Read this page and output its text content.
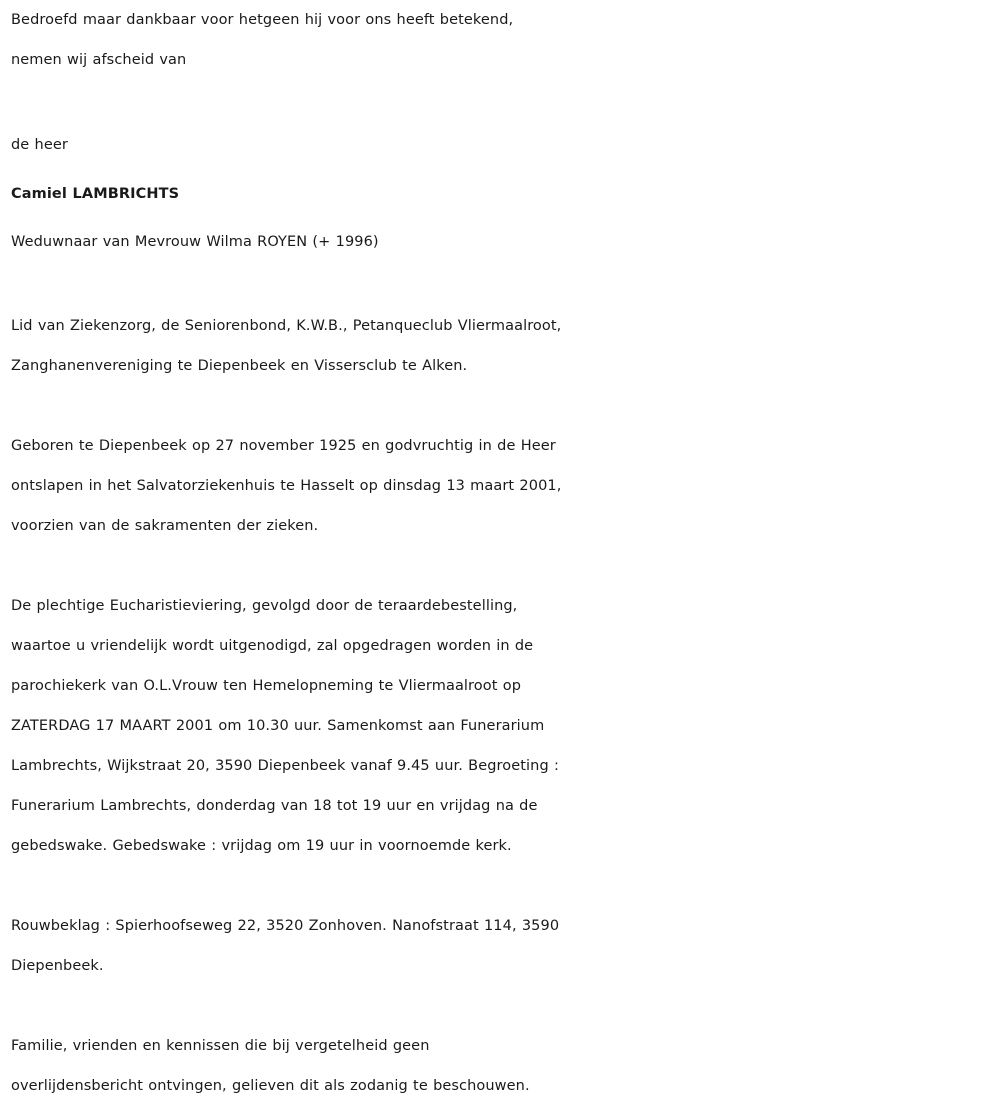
Bedroefd maar dankbaar voor hetgeen hij voor ons heeft betekend,
nemen wij afscheid van
de heer
Camiel LAMBRICHTS
Weduwnaar van Mevrouw Wilma ROYEN (+ 1996)
Lid van Ziekenzorg, de Seniorenbond, K.W.B., Petanqueclub Vliermaalroot,
Zanghanenvereniging te Diepenbeek en Vissersclub te Alken.
Geboren te Diepenbeek op 27 november 1925 en godvruchtig in de Heer
ontslapen in het Salvatorziekenhuis te Hasselt op dinsdag 13 maart 2001,
voorzien van de sakramenten der zieken.
De plechtige Eucharistieviering, gevolgd door de teraardebestelling,
waartoe u vriendelijk wordt uitgenodigd, zal opgedragen worden in de
parochiekerk van O.L.Vrouw ten Hemelopneming te Vliermaalroot op
ZATERDAG 17 MAART 2001 om 10.30 uur. Samenkomst aan Funerarium
Lambrechts, Wijkstraat 20, 3590 Diepenbeek vanaf 9.45 uur. Begroeting :
Funerarium Lambrechts, donderdag van 18 tot 19 uur en vrijdag na de
gebedswake. Gebedswake : vrijdag om 19 uur in voornoemde kerk.
Rouwbeklag : Spierhoofseweg 22, 3520 Zonhoven. Nanofstraat 114, 3590
Diepenbeek.
Familie, vrienden en kennissen die bij vergetelheid geen
overlijdensbericht ontvingen, gelieven dit als zodanig te beschouwen.
